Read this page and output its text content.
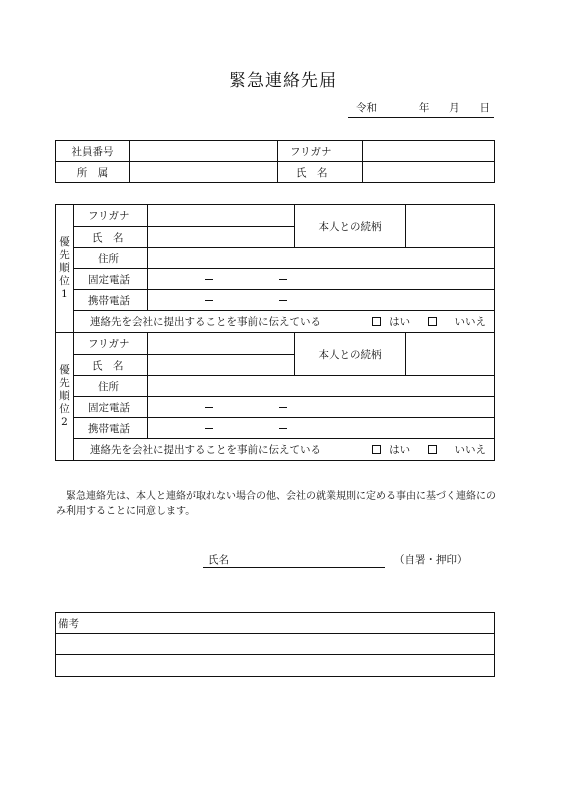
緊急連絡先届
令和	年 月 日
社員番号		フリガナ	
所　属		氏　名	
優
先
順
位
1	フリガナ		本人との続柄	
	氏　名			
	住所			
	固定電話			

	携帯電話			

	連絡先を会社に提出することを事前に伝えている はい いいえ			
優
先
順
位
2	フリガナ		本人との続柄	
	氏　名			
	住所			
	固定電話			

	携帯電話			

	連絡先を会社に提出することを事前に伝えている はい いいえ			
緊急連絡先は、本人と連絡が取れない場合の他、会社の就業規則に定める事由に基づく連絡にのみ利用することに同意します。
氏名	（自署・押印）
備考
